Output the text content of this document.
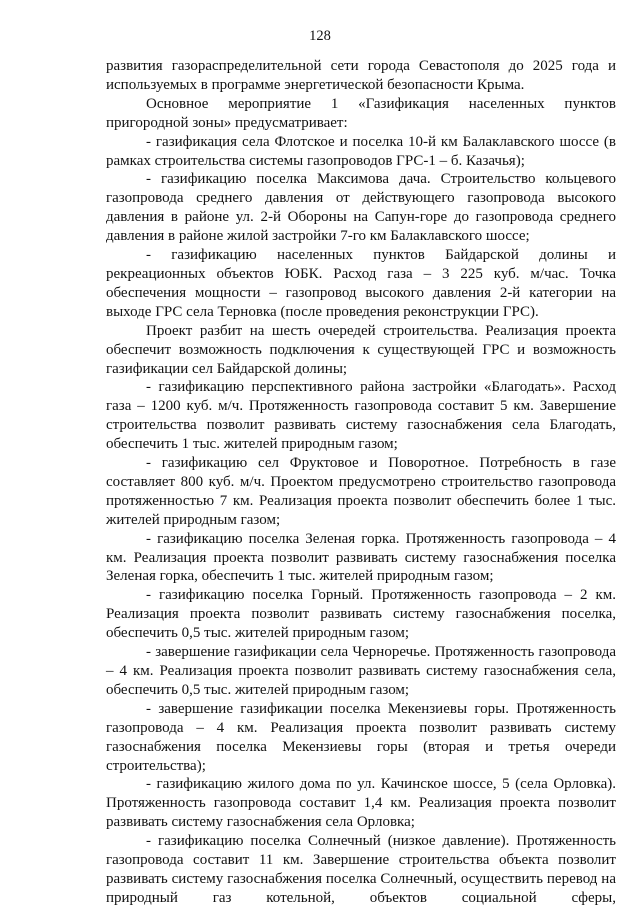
128

развития газораспределительной сети города Севастополя до 2025 года и используемых в программе энергетической безопасности Крыма.

Основное мероприятие 1 «Газификация населенных пунктов пригородной зоны» предусматривает:

- газификация села Флотское и поселка 10-й км Балаклавского шоссе (в рамках строительства системы газопроводов ГРС-1 – б. Казачья);

- газификацию поселка Максимова дача. Строительство кольцевого газопровода среднего давления от действующего газопровода высокого давления в районе ул. 2-й Обороны на Сапун-горе до газопровода среднего давления в районе жилой застройки 7-го км Балаклавского шоссе;

- газификацию населенных пунктов Байдарской долины и рекреационных объектов ЮБК. Расход газа – 3 225 куб. м/час. Точка обеспечения мощности – газопровод высокого давления 2-й категории на выходе ГРС села Терновка (после проведения реконструкции ГРС).

Проект разбит на шесть очередей строительства. Реализация проекта обеспечит возможность подключения к существующей ГРС и возможность газификации сел Байдарской долины;

- газификацию перспективного района застройки «Благодать». Расход газа – 1200 куб. м/ч. Протяженность газопровода составит 5 км. Завершение строительства позволит развивать систему газоснабжения села Благодать, обеспечить 1 тыс. жителей природным газом;

- газификацию сел Фруктовое и Поворотное. Потребность в газе составляет 800 куб. м/ч. Проектом предусмотрено строительство газопровода протяженностью 7 км. Реализация проекта позволит обеспечить более 1 тыс. жителей природным газом;

- газификацию поселка Зеленая горка. Протяженность газопровода – 4 км. Реализация проекта позволит развивать систему газоснабжения поселка Зеленая горка, обеспечить 1 тыс. жителей природным газом;

- газификацию поселка Горный. Протяженность газопровода – 2 км. Реализация проекта позволит развивать систему газоснабжения поселка, обеспечить 0,5 тыс. жителей природным газом;

- завершение газификации села Черноречье. Протяженность газопровода – 4 км. Реализация проекта позволит развивать систему газоснабжения села, обеспечить 0,5 тыс. жителей природным газом;

- завершение газификации поселка Мекензиевы горы. Протяженность газопровода – 4 км. Реализация проекта позволит развивать систему газоснабжения поселка Мекензиевы горы (вторая и третья очереди строительства);

- газификацию жилого дома по ул. Качинское шоссе, 5 (села Орловка). Протяженность газопровода составит 1,4 км. Реализация проекта позволит развивать систему газоснабжения села Орловка;

- газификацию поселка Солнечный (низкое давление). Протяженность газопровода составит 11 км. Завершение строительства объекта позволит развивать систему газоснабжения поселка Солнечный, осуществить перевод на природный газ котельной, объектов социальной сферы,
